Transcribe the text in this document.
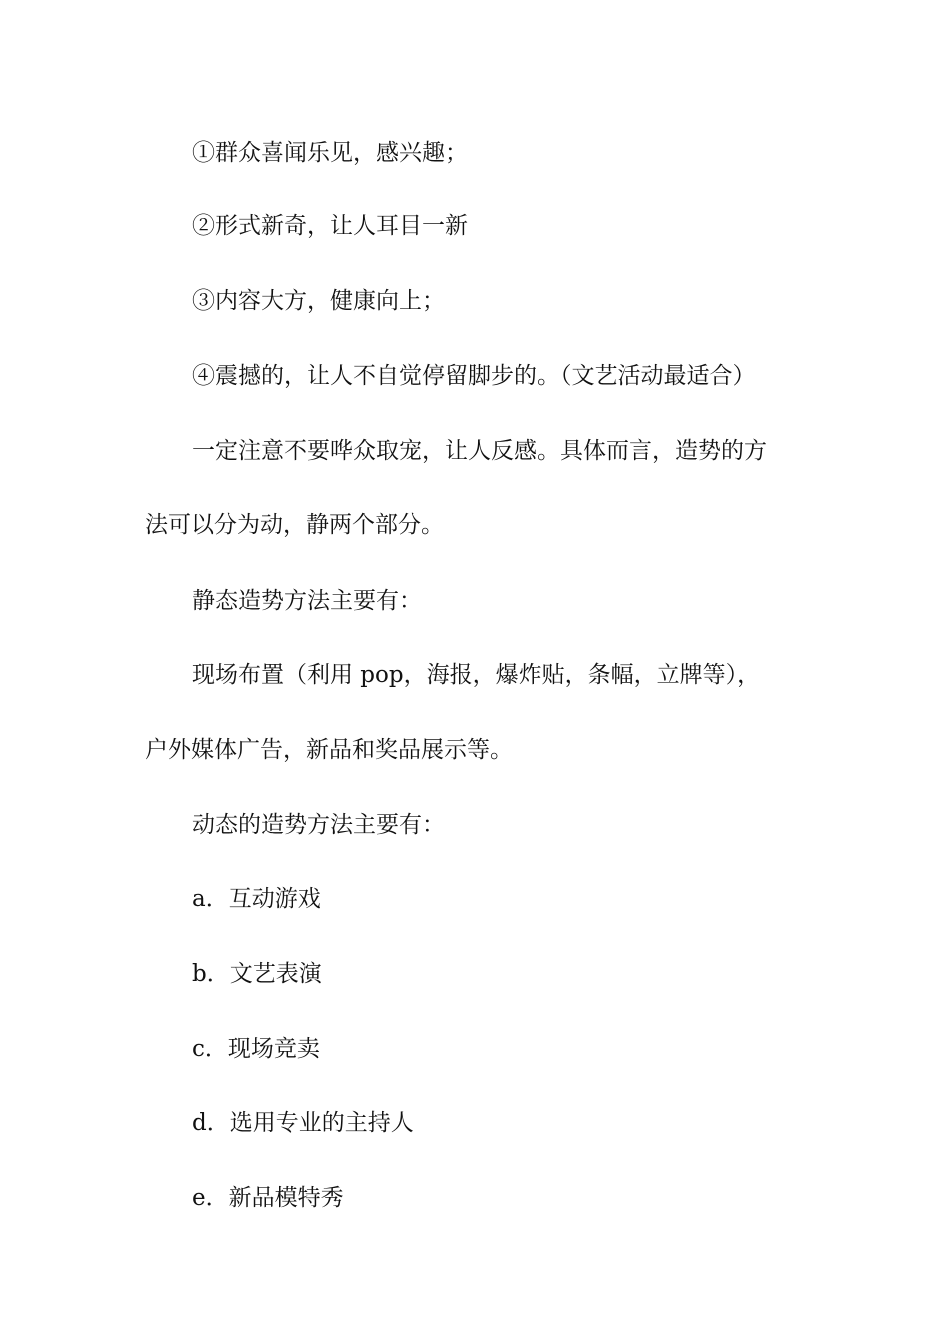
①群众喜闻乐见，感兴趣；
②形式新奇，让人耳目一新
③内容大方，健康向上；
④震撼的，让人不自觉停留脚步的。（文艺活动最适合）
一定注意不要哗众取宠，让人反感。具体而言，造势的方
法可以分为动，静两个部分。
静态造势方法主要有：
现场布置（利用 pop，海报，爆炸贴，条幅，立牌等），
户外媒体广告，新品和奖品展示等。
动态的造势方法主要有：
a．互动游戏
b．文艺表演
c．现场竞卖
d．选用专业的主持人
e．新品模特秀
